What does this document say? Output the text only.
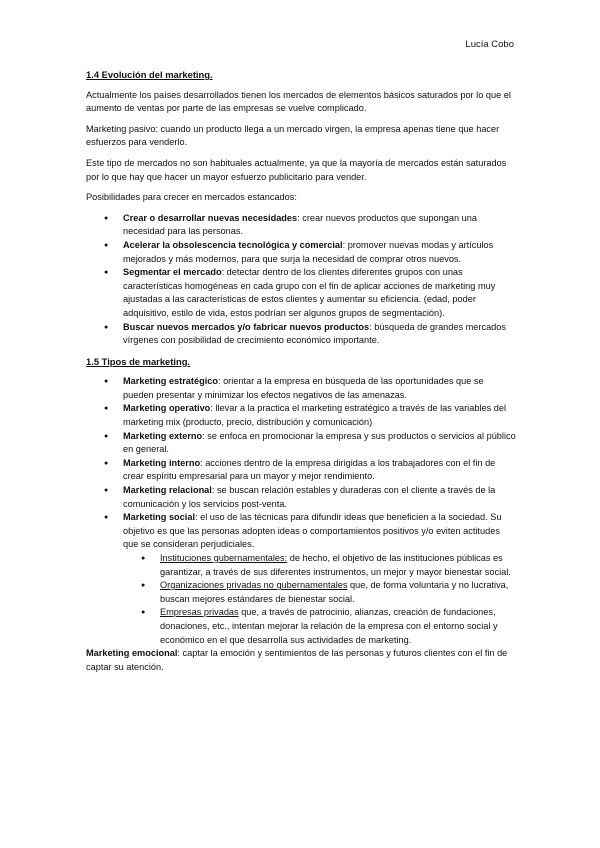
Lucía Cobo
1.4 Evolución del marketing.

Actualmente los países desarrollados tienen los mercados de elementos básicos saturados por lo que el aumento de ventas por parte de las empresas se vuelve complicado.

Marketing pasivo: cuando un producto llega a un mercado virgen, la empresa apenas tiene que hacer esfuerzos para venderlo.

Este tipo de mercados no son habituales actualmente, ya que la mayoría de mercados están saturados por lo que hay que hacer un mayor esfuerzo publicitario para vender.

Posibilidades para crecer en mercados estancados:

● Crear o desarrollar nuevas necesidades: crear nuevos productos que supongan una necesidad para las personas.
● Acelerar la obsolescencia tecnológica y comercial: promover nuevas modas y artículos mejorados y más modernos, para que surja la necesidad de comprar otros nuevos.
● Segmentar el mercado: detectar dentro de los clientes diferentes grupos con unas características homogéneas en cada grupo con el fin de aplicar acciones de marketing muy ajustadas a las características de estos clientes y aumentar su eficiencia. (edad, poder adquisitivo, estilo de vida, estos podrían ser algunos grupos de segmentación).
● Buscar nuevos mercados y/o fabricar nuevos productos: búsqueda de grandes mercados vírgenes con posibilidad de crecimiento económico importante.
1.5 Tipos de marketing.
● Marketing estratégico: orientar a la empresa en búsqueda de las oportunidades que se pueden presentar y minimizar los efectos negativos de las amenazas.
● Marketing operativo: llevar a la practica el marketing estratégico a través de las variables del marketing mix (producto, precio, distribución y comunicación)
● Marketing externo: se enfoca en promocionar la empresa y sus productos o servicios al público en general.
● Marketing interno: acciones dentro de la empresa dirigidas a los trabajadores con el fin de crear espíritu empresarial para un mayor y mejor rendimiento.
● Marketing relacional: se buscan relación estables y duraderas con el cliente a través de la comunicación y los servicios post-venta.
● Marketing social: el uso de las técnicas para difundir ideas que beneficien a la sociedad. Su objetivo es que las personas adopten ideas o comportamientos positivos y/o eviten actitudes que se consideran perjudiciales.
● Instituciones gubernamentales: de hecho, el objetivo de las instituciones públicas es garantizar, a través de sus diferentes instrumentos, un mejor y mayor bienestar social.
● Organizaciones privadas no gubernamentales que, de forma voluntaria y no lucrativa, buscan mejores estándares de bienestar social.
● Empresas privadas que, a través de patrocinio, alianzas, creación de fundaciones, donaciones, etc., intentan mejorar la relación de la empresa con el entorno social y económico en el que desarrolla sus actividades de marketing.

Marketing emocional: captar la emoción y sentimientos de las personas y futuros clientes con el fin de captar su atención.
